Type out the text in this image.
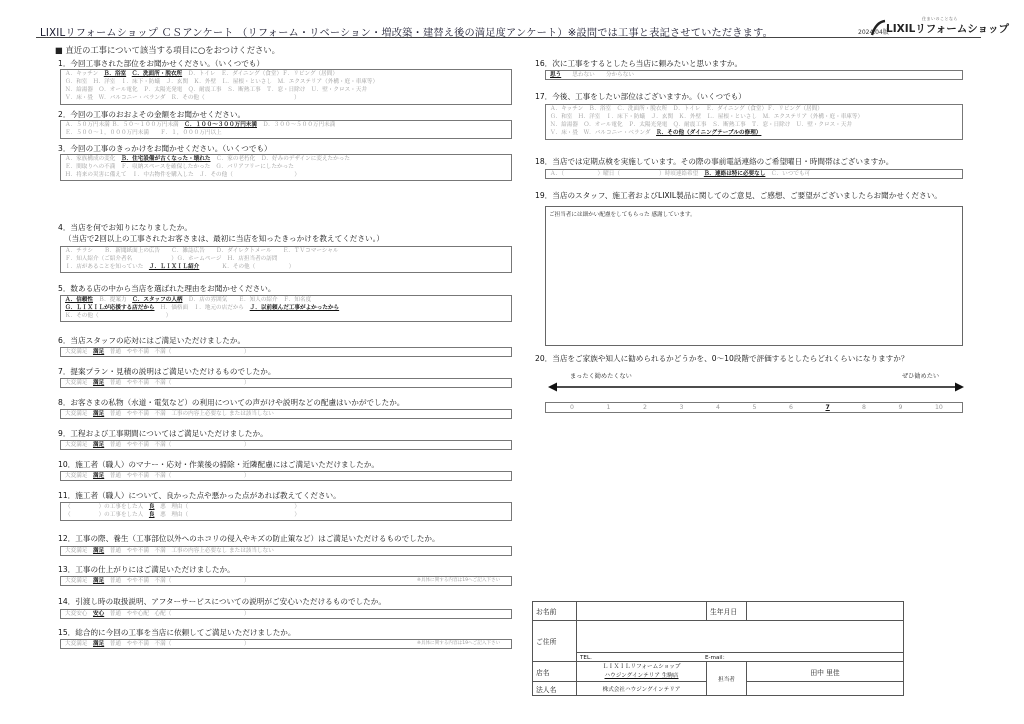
LIXILリフォームショップ ＣＳアンケート （リフォーム・リベーション・増改築・建替え後の満足度アンケート）※設問では工事と表記させていただきます。	2024.04版
住まいのことなら
LIXILリフォームショップ
■ 直近の工事について該当する項目に○をおつけください。
1．今回工事された部位をお聞かせください。（いくつでも）
Ａ．キッチン　Ｂ．浴室　 Ｃ．洗面所・脱衣所　Ｄ．トイレ　Ｅ．ダイニング（食堂）Ｆ．リビング（居間）
Ｇ．和室　Ｈ．洋室　Ｉ．床下・防蟻　Ｊ．玄関　Ｋ．外壁　Ｌ．屋根・といさし　Ｍ．エクステリア（外構・庭・車庫等）
Ｎ．給湯器　Ｏ．オール電化　Ｐ．太陽光発電　Ｑ．耐震工事　Ｓ．断熱工事　Ｔ．窓・日除け　Ｕ．壁・クロス・天井
Ｖ．床・畳　Ｗ．バルコニー・ベランダ　Ｒ．その他（　　　　　　　　　　　　　　　　）
2．今回の工事のおおよその金額をお聞かせください。
Ａ．５０万円未満 Ｂ．５０～１００万円未満　Ｃ．１００～３００万円未満　Ｄ．３００～５００万円未満
Ｅ．５００～１，０００万円未満　　Ｆ．１，０００万円以上
3．今回の工事のきっかけをお聞かせください。（いくつでも）
Ａ．家族構成の変化　Ｂ．住宅設備が古くなった・壊れた　Ｃ．家の老朽化　Ｄ．好みのデザインに変えたかった
Ｅ．間取りへの不満　Ｆ．収納スペースを確保したかった　Ｇ．バリアフリーにしたかった
Ｈ．将来の災害に備えて　Ｉ．中古物件を購入した　Ｊ．その他（　　　　　　　　　　　）
4．当店を何でお知りになりましたか。
（当店で2回以上の工事されたお客さまは、最初に当店を知ったきっかけを教えてください。）
Ａ．チラシ　　Ｂ．新聞紙面上の広告　　Ｃ．雑誌広告　　Ｄ．ダイレクトメール　　Ｅ．ＴＶコマーシャル
Ｆ．知人紹介（ご紹介者名　　　　　　　）Ｇ．ホームページ　Ｈ．店担当者の訪問
Ｉ．店があることを知っていた　Ｊ．ＬＩＸＩＬ紹介　　　　Ｋ．その他（　　　　　　）
5．数ある店の中から当店を選ばれた理由をお聞かせください。
Ａ．信頼性　Ｂ．提案力　Ｃ．スタッフの人柄　Ｄ．店の雰囲気　　Ｅ．知人の紹介　Ｆ．知名度
Ｇ．ＬＩＸＩＬが応援する店だから　Ｈ．価格面　Ｉ．地元の店だから　Ｊ．以前頼んだ工事がよかったから
Ｋ．その他（　　　　　　　　　　　　）
6．当店スタッフの応対にはご満足いただけましたか。
大変満足　満足　普通　やや不満　不満（　　　　　　　　　　　　　）
7．提案プラン・見積の説明はご満足いただけるものでしたか。
大変満足　満足　普通　やや不満　不満（　　　　　　　　　　　　　）
8．お客さまの私物（水道・電気など）の利用についての声がけや説明などの配慮はいかがでしたか。
大変満足　満足　普通　やや不満　不満　工事の内容上必要なし または該当しない
9．工程および工事期間についてはご満足いただけましたか。
大変満足　満足　普通　やや不満　不満（　　　　　　　　　　　　　）
10．施工者（職人）のマナー・応対・作業後の掃除・近隣配慮にはご満足いただけましたか。
大変満足　満足　普通　やや不満　不満（　　　　　　　　　　　　　）
11．施工者（職人）について、良かった点や悪かった点があれば教えてください。
（　　　　　）の工事をした人　良　悪　理由（　　　　　　　　　　　　　　　　　　　）
（　　　　　）の工事をした人　良　悪　理由（　　　　　　　　　　　　　　　　　　　）
12．工事の際、養生（工事部位以外へのホコリの侵入やキズの防止策など）はご満足いただけるものでしたか。
大変満足　満足　普通　やや不満　不満　工事の内容上必要なし または該当しない
13．工事の仕上がりにはご満足いただけましたか。
大変満足　満足　普通　やや不満　不満（　　　　　　　　　　　　　）	※具体に関する内容は19へご記入下さい
14．引渡し時の取扱説明、アフターサービスについての説明がご安心いただけるものでしたか。
大変安心　安心　普通　やや心配　心配（　　　　　　　　　　　　　）
15．総合的に今回の工事を当店に依頼してご満足いただけましたか。
大変満足　満足　普通　やや不満　不満（　　　　　　　　　　　　　）	※具体に関する内容は19へご記入下さい
16．次に工事をするとしたら当店に頼みたいと思いますか。
思う　　思わない　　分からない
17．今後、工事をしたい部位はございますか。（いくつでも）
Ａ．キッチン　Ｂ．浴室　Ｃ．洗面所・脱衣所　Ｄ．トイレ　Ｅ．ダイニング（食堂）Ｆ．リビング（居間）
Ｇ．和室　Ｈ．洋室　Ｉ．床下・防蟻　Ｊ．玄関　Ｋ．外壁　Ｌ．屋根・といさし　Ｍ．エクステリア（外構・庭・車庫等）
Ｎ．給湯器　Ｏ．オール電化　Ｐ．太陽光発電　Ｑ．耐震工事　Ｓ．断熱工事　Ｔ．窓・日除け　Ｕ．壁・クロス・天井
Ｖ．床・畳　Ｗ．バルコニー・ベランダ　Ｒ．その他（ダイニングテーブルの修理）
18．当店では定期点検を実施しています。その際の事前電話連絡のご希望曜日・時間帯はございますか。
Ａ．（　　　　　　）曜日（　　　　　　　）時頃連絡希望　Ｂ．連絡は特に必要なし　Ｃ．いつでも可
19．当店のスタッフ、施工者およびLIXIL製品に関してのご意見、ご感想、ご要望がございましたらお聞かせください。
ご担当者には細かい配慮をしてもらった 感謝しています。
20．当店をご家族や知人に勧められるかどうかを、0～10段階で評価するとしたらどれくらいになりますか？
まったく勧めたくない	ぜひ勧めたい
0	1	2	3	4	5	6	7	8	9	10
お名前		生年月日	
ご住所	TEL． E-mail：		

店名	ＬＩＸＩＬリフォームショップ
ハウジングインテリア 生駒店	担当者	田中 里佳
法人名	株式会社ハウジングインテリア		
